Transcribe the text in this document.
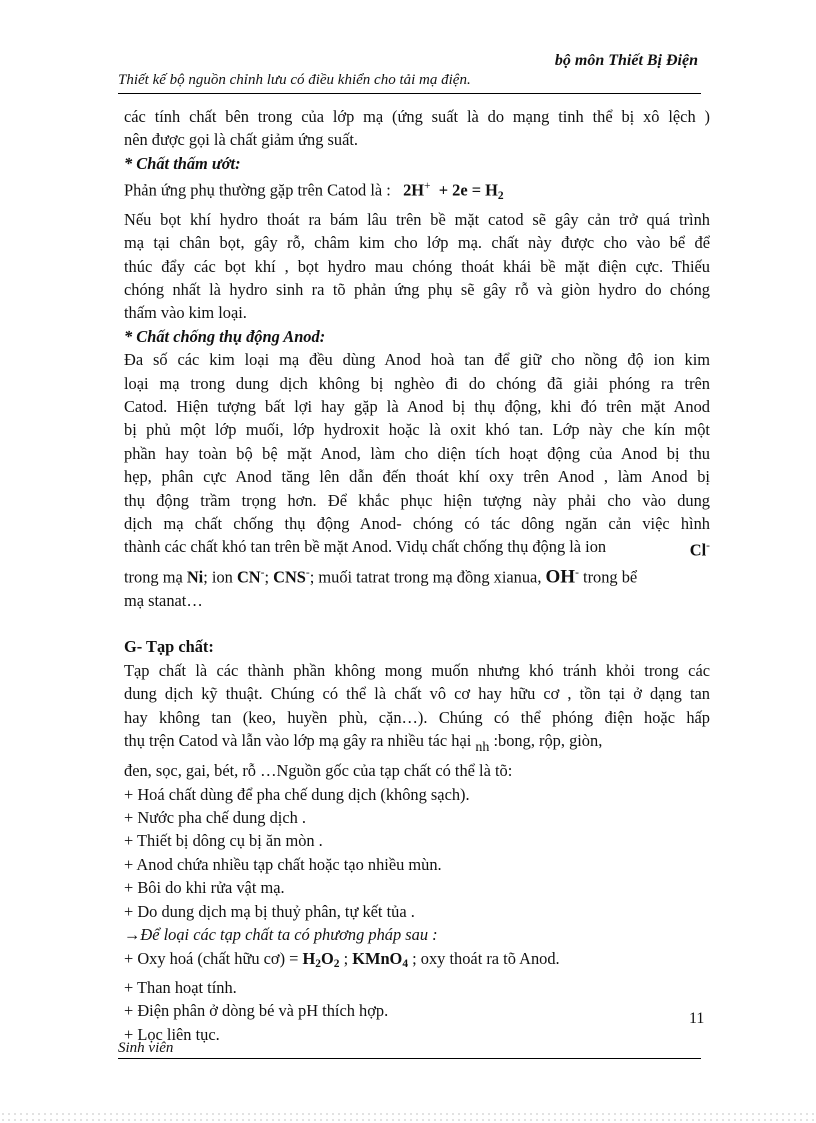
bộ môn Thiết Bị Điện
Thiết kế bộ nguồn chỉnh lưu có điều khiển cho tải mạ điện.

các tính chất bên trong của lớp mạ (ứng suất là do mạng tinh thể bị xô lệch )

nên được gọi là chất giảm ứng suất.

* Chất thấm ướt:

Phản ứng phụ thường gặp trên Catod là : $2H^+ + 2e = H_2$

Nếu bọt khí hydro thoát ra bám lâu trên bề mặt catod sẽ gây cản trở quá trình

mạ tại chân bọt, gây rỗ, châm kim cho lớp mạ. chất này được cho vào bể để

thúc đẩy các bọt khí , bọt hydro mau chóng thoát khái bề mặt điện cực. Thiếu

chóng nhất là hydro sinh ra tõ phản ứng phụ sẽ gây rỗ và giòn hydro do chóng

thấm vào kim loại.

* Chất chống thụ động Anod:

Đa số các kim loại mạ đều dùng Anod hoà tan để giữ cho nồng độ ion kim

loại mạ trong dung dịch không bị nghèo đi do chóng đã giải phóng ra trên

Catod. Hiện tượng bất lợi hay gặp là Anod bị thụ động, khi đó trên mặt Anod

bị phủ một lớp muối, lớp hydroxit hoặc là oxit khó tan. Lớp này che kín một

phần hay toàn bộ bệ mặt Anod, làm cho diện tích hoạt động của Anod bị thu

hẹp, phân cực Anod tăng lên dẫn đến thoát khí oxy trên Anod , làm Anod bị

thụ động trầm trọng hơn. Để khắc phục hiện tượng này phải cho vào dung

dịch mạ chất chống thụ động Anod- chóng có tác dông ngăn cản việc hình

thành các chất khó tan trên bề mặt Anod. Vidụ chất chống thụ động là ion	Cl-

trong mạ Ni; ion CN-; CNS-; muối tatrat trong mạ đồng xianua, OH- trong bể

mạ stanat…

G- Tạp chất:

Tạp chất là các thành phần không mong muốn nhưng khó tránh khỏi trong các

dung dịch kỹ thuật. Chúng có thể là chất vô cơ hay hữu cơ , tồn tại ở dạng tan

hay không tan (keo, huyền phù, cặn…). Chúng có thể phóng điện hoặc hấp

thụ trện Catod và lẫn vào lớp mạ gây ra nhiều tác hại nh :bong, rộp, giòn,

đen, sọc, gai, bét, rỗ …Nguồn gốc của tạp chất có thể là tõ:

+ Hoá chất dùng để pha chế dung dịch (không sạch).

+ Nước pha chế dung dịch .

+ Thiết bị dông cụ bị ăn mòn .

+ Anod chứa nhiều tạp chất hoặc tạo nhiều mùn.

+ Bôi do khi rửa vật mạ.

+ Do dung dịch mạ bị thuỷ phân, tự kết tủa .

→Để loại các tạp chất ta có phương pháp sau :

+ Oxy hoá (chất hữu cơ) = $H_2O_2$ ; KMnO$_4$ ; oxy thoát ra tõ Anod.

+ Than hoạt tính.

+ Điện phân ở dòng bé và pH thích hợp.

+ Lọc liên tục.

11
Sinh viên
